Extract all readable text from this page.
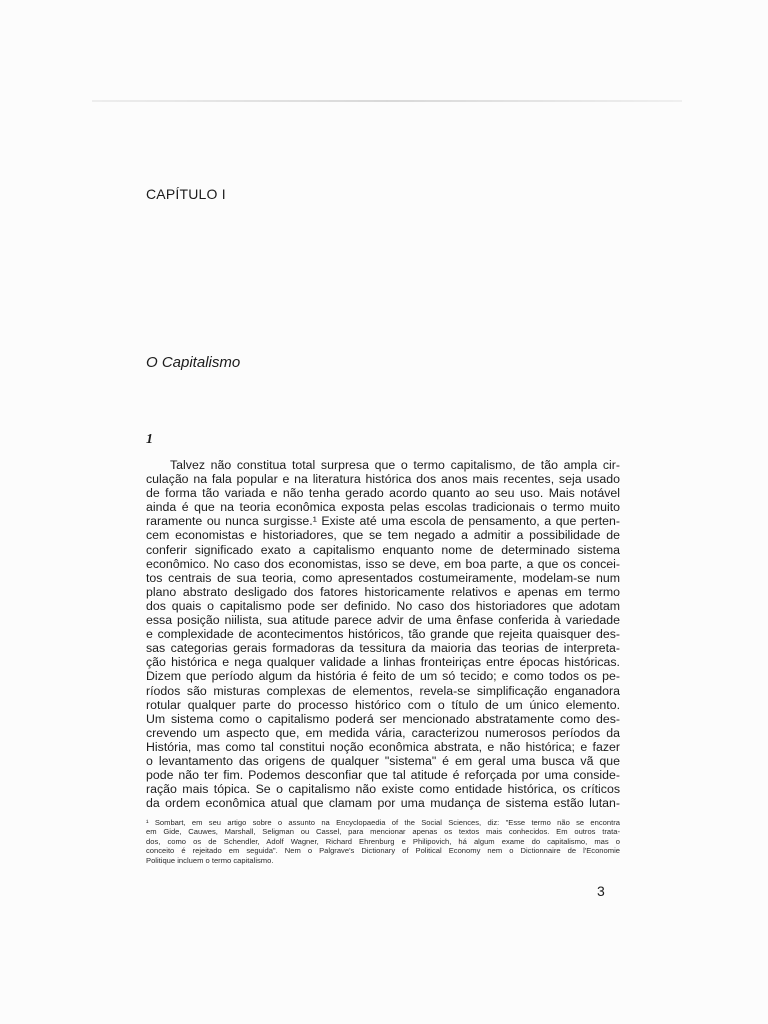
CAPÍTULO I
O Capitalismo
1
Talvez não constitua total surpresa que o termo capitalismo, de tão ampla cir-
culação na fala popular e na literatura histórica dos anos mais recentes, seja usado
de forma tão variada e não tenha gerado acordo quanto ao seu uso. Mais notável
ainda é que na teoria econômica exposta pelas escolas tradicionais o termo muito
raramente ou nunca surgisse.¹ Existe até uma escola de pensamento, a que perten-
cem economistas e historiadores, que se tem negado a admitir a possibilidade de
conferir significado exato a capitalismo enquanto nome de determinado sistema
econômico. No caso dos economistas, isso se deve, em boa parte, a que os concei-
tos centrais de sua teoria, como apresentados costumeiramente, modelam-se num
plano abstrato desligado dos fatores historicamente relativos e apenas em termo
dos quais o capitalismo pode ser definido. No caso dos historiadores que adotam
essa posição niilista, sua atitude parece advir de uma ênfase conferida à variedade
e complexidade de acontecimentos históricos, tão grande que rejeita quaisquer des-
sas categorias gerais formadoras da tessitura da maioria das teorias de interpreta-
ção histórica e nega qualquer validade a linhas fronteiriças entre épocas históricas.
Dizem que período algum da história é feito de um só tecido; e como todos os pe-
ríodos são misturas complexas de elementos, revela-se simplificação enganadora
rotular qualquer parte do processo histórico com o título de um único elemento.
Um sistema como o capitalismo poderá ser mencionado abstratamente como des-
crevendo um aspecto que, em medida vária, caracterizou numerosos períodos da
História, mas como tal constitui noção econômica abstrata, e não histórica; e fazer
o levantamento das origens de qualquer "sistema" é em geral uma busca vã que
pode não ter fim. Podemos desconfiar que tal atitude é reforçada por uma conside-
ração mais tópica. Se o capitalismo não existe como entidade histórica, os críticos
da ordem econômica atual que clamam por uma mudança de sistema estão lutan-
¹ Sombart, em seu artigo sobre o assunto na Encyclopaedia of the Social Sciences, diz: "Esse termo não se encontra
em Gide, Cauwes, Marshall, Seligman ou Cassel, para mencionar apenas os textos mais conhecidos. Em outros trata-
dos, como os de Schendler, Adolf Wagner, Richard Ehrenburg e Philipovich, há algum exame do capitalismo, mas o
conceito é rejeitado em seguida". Nem o Palgrave's Dictionary of Political Economy nem o Dictionnaire de l'Economie
Politique incluem o termo capitalismo.
3
